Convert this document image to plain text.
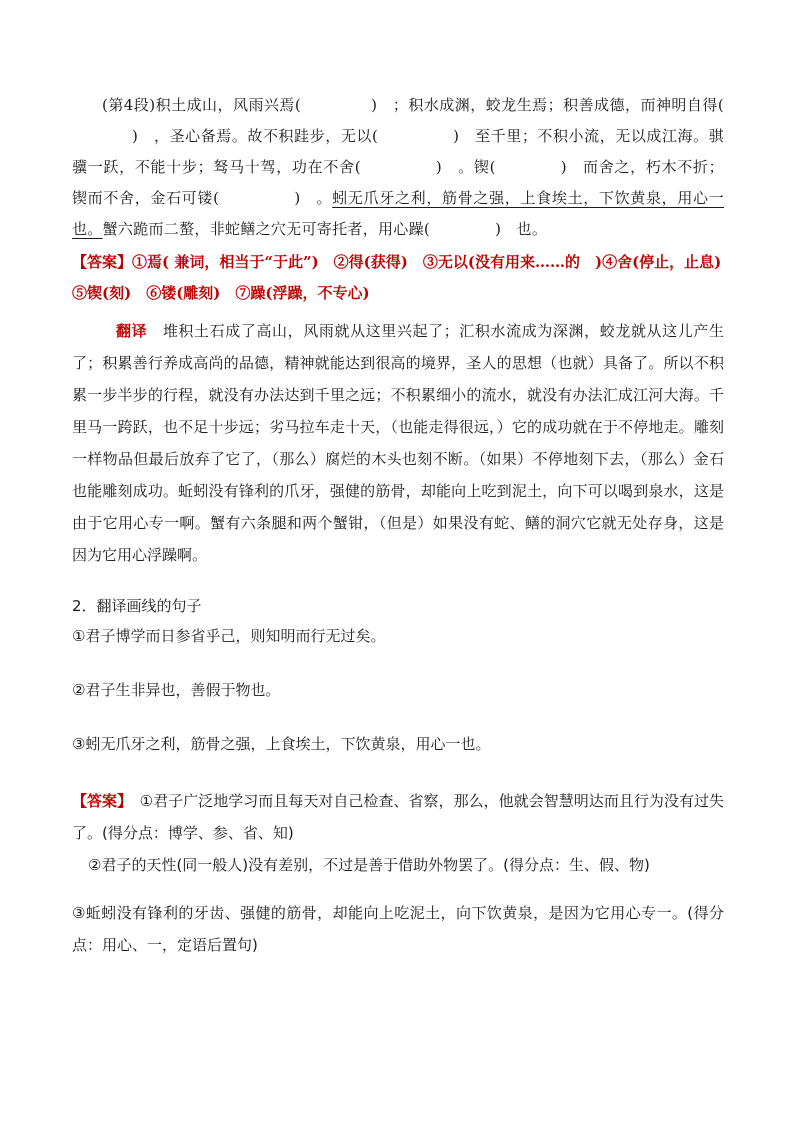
(第4段)积土成山，风雨兴焉(	)　；积水成渊，蛟龙生焉；积善成德，而神明自得()　，圣心备焉。故不积跬步，无以(	)　至千里；不积小流，无以成江海。骐骥一跃，不能十步；驽马十驾，功在不舍(	)　。锲(	)　而舍之，朽木不折；锲而不舍，金石可镂(	)　。蚓无爪牙之利，筋骨之强，上食埃土，下饮黄泉，用心一也。蟹六跪而二螯，非蛇鳝之穴无可寄托者，用心躁(	)　也。
【答案】①焉( 兼词，相当于“于此”)　②得(获得)　③无以(没有用来……的　)④舍(停止，止息)　⑤锲(刻)　⑥镂(雕刻)　⑦躁(浮躁，不专心)
翻译　 堆积土石成了高山，风雨就从这里兴起了；汇积水流成为深渊，蛟龙就从这儿产生了；积累善行养成高尚的品德，精神就能达到很高的境界，圣人的思想（也就）具备了。所以不积累一步半步的行程，就没有办法达到千里之远；不积累细小的流水，就没有办法汇成江河大海。千里马一跨跃，也不足十步远；劣马拉车走十天，（也能走得很远，）它的成功就在于不停地走。雕刻一样物品但最后放弃了它了，（那么）腐烂的木头也刻不断。（如果）不停地刻下去，（那么）金石也能雕刻成功。蚯蚓没有锋利的爪牙，强健的筋骨，却能向上吃到泥土，向下可以喝到泉水，这是由于它用心专一啊。蟹有六条腿和两个蟹钳，（但是）如果没有蛇、鳝的洞穴它就无处存身，这是因为它用心浮躁啊。
2．翻译画线的句子
①君子博学而日参省乎己，则知明而行无过矣。
②君子生非异也，善假于物也。
③蚓无爪牙之利，筋骨之强，上食埃土，下饮黄泉，用心一也。
【答案】　①君子广泛地学习而且每天对自己检查、省察，那么，他就会智慧明达而且行为没有过失了。(得分点：博学、参、省、知)
②君子的天性(同一般人)没有差别，不过是善于借助外物罢了。(得分点：生、假、物)
③蚯蚓没有锋利的牙齿、强健的筋骨，却能向上吃泥土，向下饮黄泉，是因为它用心专一。(得分点：用心、一，定语后置句)
